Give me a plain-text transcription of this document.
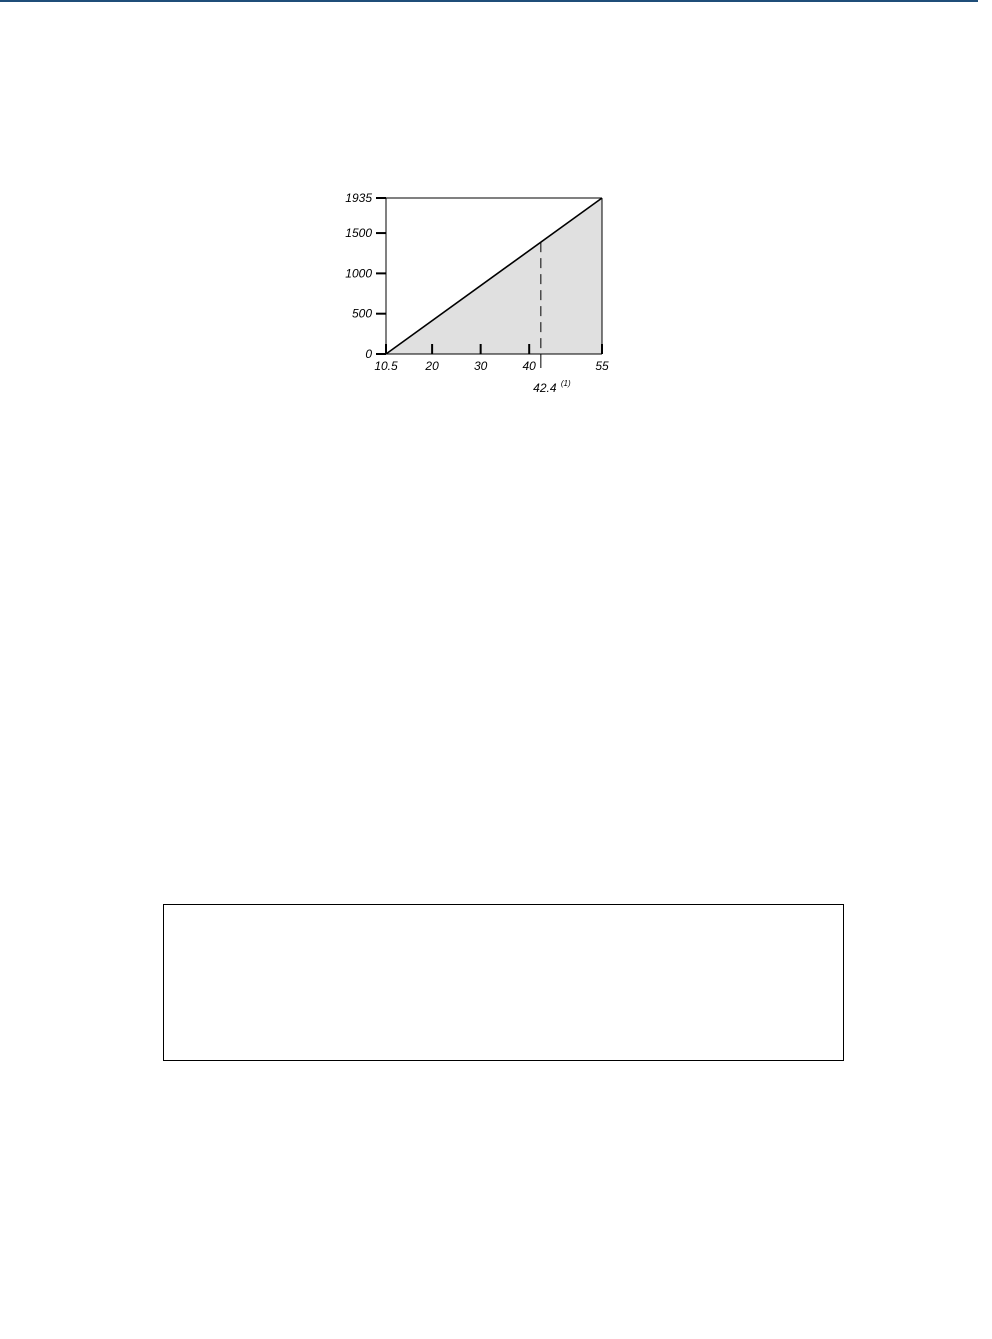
0
500
1000
1500
1935
10.5 20	30	40	55
42.4 (1)
